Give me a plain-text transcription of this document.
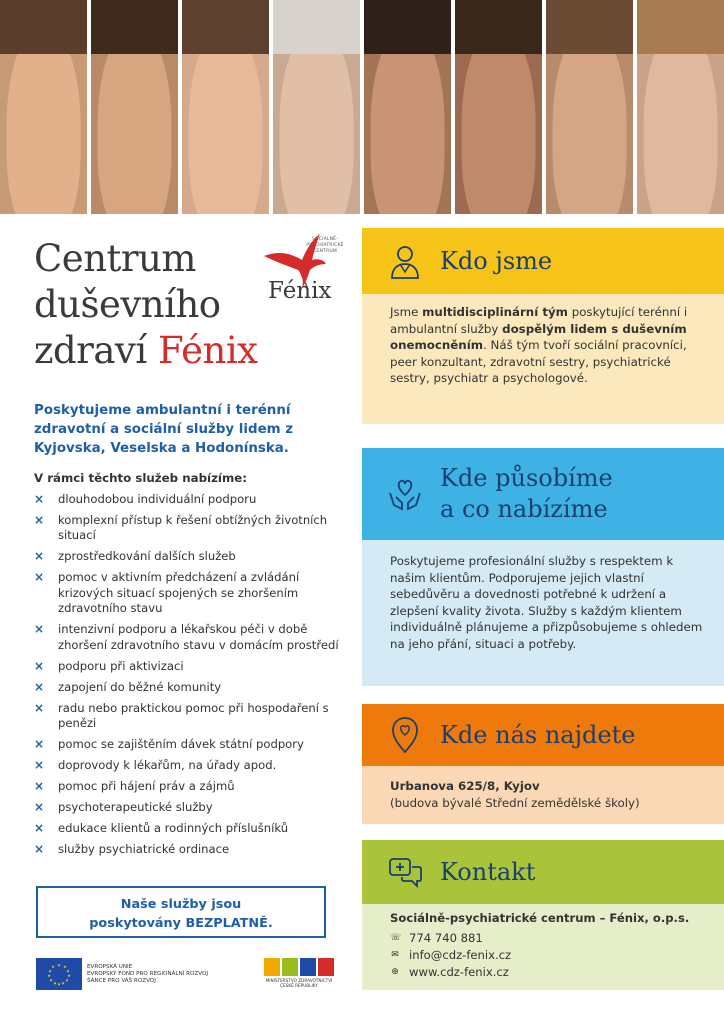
Centrum
duševního
zdraví Fénix
SOCIÁLNĚ-PSYCHIATRICKÉ CENTRUM
Fénix
Poskytujeme ambulantní i terénní zdravotní a sociální služby lidem z Kyjovska, Veselska a Hodonínska.
V rámci těchto služeb nabízíme:
× dlouhodobou individuální podporu
× komplexní přístup k řešení obtížných životních situací
× zprostředkování dalších služeb
× pomoc v aktivním předcházení a zvládání krizových situací spojených se zhoršením zdravotního stavu
× intenzivní podporu a lékařskou péči v době zhoršení zdravotního stavu v domácím prostředí
× podporu při aktivizaci
× zapojení do běžné komunity
× radu nebo praktickou pomoc při hospodaření s penězi
× pomoc se zajištěním dávek státní podpory
× doprovody k lékařům, na úřady apod.
× pomoc při hájení práv a zájmů
× psychoterapeutické služby
× edukace klientů a rodinných příslušníků
× služby psychiatrické ordinace
Naše služby jsou
poskytovány BEZPLATNĚ.
★ ★
★
★
★
★
★
★
★
★
★
★	EVROPSKÁ UNIE
EVROPSKÝ FOND PRO REGIONÁLNÍ ROZVOJ
ŠANCE PRO VÁŠ ROZVOJ	MINISTERSTVO ZDRAVOTNICTVÍ
ČESKÉ REPUBLIKY
Kdo jsme
Jsme multidisciplinární tým poskytující terénní i ambulantní služby dospělým lidem s duševním onemocněním. Náš tým tvoří sociální pracovníci, peer konzultant, zdravotní sestry, psychiatrické sestry, psychiatr a psychologové.
Kde působíme
a co nabízíme
Poskytujeme profesionální služby s respektem k našim klientům. Podporujeme jejich vlastní sebedůvěru a dovednosti potřebné k udržení a zlepšení kvality života. Služby s každým klientem individuálně plánujeme a přizpůsobujeme s ohledem na jeho přání, situaci a potřeby.
Kde nás najdete
Urbanova 625/8, Kyjov
(budova bývalé Střední zemědělské školy)
Kontakt
Sociálně-psychiatrické centrum – Fénix, o.p.s.
☏ 774 740 881
✉ info@cdz-fenix.cz
⊕ www.cdz-fenix.cz
